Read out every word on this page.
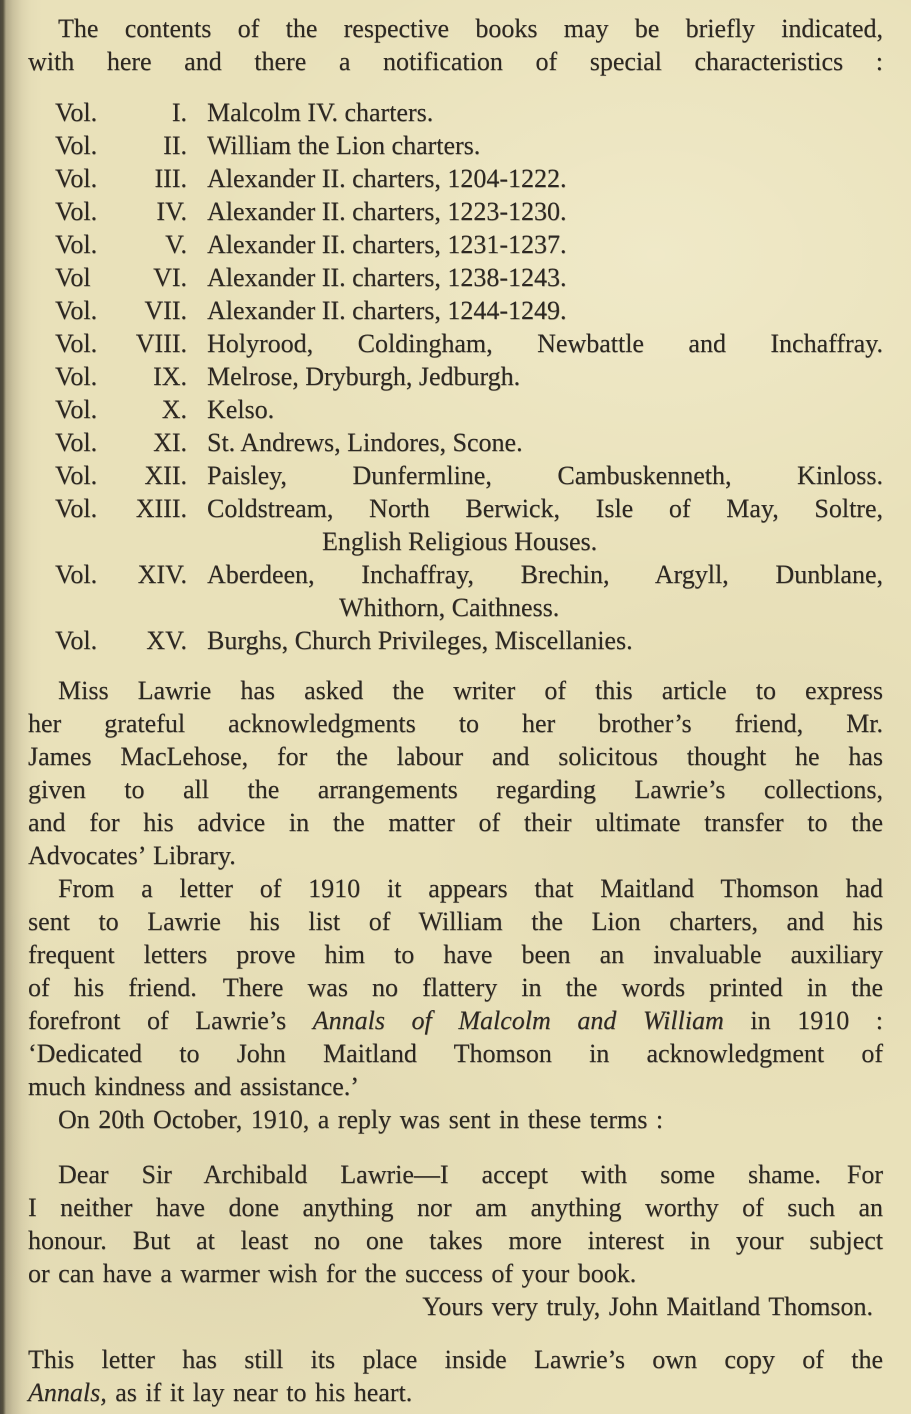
The contents of the respective books may be briefly indicated,
with here and there a notification of special characteristics :
Vol.	I. Malcolm IV. charters.
Vol.	II. William the Lion charters.
Vol.	III. Alexander II. charters, 1204-1222.
Vol.	IV. Alexander II. charters, 1223-1230.
Vol.	V. Alexander II. charters, 1231-1237.
Vol	VI. Alexander II. charters, 1238-1243.
Vol.	VII. Alexander II. charters, 1244-1249.
Vol.	VIII. Holyrood, Coldingham, Newbattle and Inchaffray.
Vol.	IX. Melrose, Dryburgh, Jedburgh.
Vol.	X. Kelso.
Vol.	XI. St. Andrews, Lindores, Scone.
Vol.	XII. Paisley, Dunfermline, Cambuskenneth, Kinloss.
Vol.	XIII. Coldstream, North Berwick, Isle of May, Soltre,
English Religious Houses.
Vol.	XIV. Aberdeen, Inchaffray, Brechin, Argyll, Dunblane,
Whithorn, Caithness.
Vol.	XV. Burghs, Church Privileges, Miscellanies.
Miss Lawrie has asked the writer of this article to express
her grateful acknowledgments to her brother’s friend, Mr.
James MacLehose, for the labour and solicitous thought he has
given to all the arrangements regarding Lawrie’s collections,
and for his advice in the matter of their ultimate transfer to the
Advocates’ Library.
From a letter of 1910 it appears that Maitland Thomson had
sent to Lawrie his list of William the Lion charters, and his
frequent letters prove him to have been an invaluable auxiliary
of his friend. There was no flattery in the words printed in the
forefront of Lawrie’s Annals of Malcolm and William in 1910 :
‘Dedicated to John Maitland Thomson in acknowledgment of
much kindness and assistance.’
On 20th October, 1910, a reply was sent in these terms :
Dear Sir Archibald Lawrie—I accept with some shame. For
I neither have done anything nor am anything worthy of such an
honour. But at least no one takes more interest in your subject
or can have a warmer wish for the success of your book.
Yours very truly, John Maitland Thomson.
This letter has still its place inside Lawrie’s own copy of the
Annals, as if it lay near to his heart.
